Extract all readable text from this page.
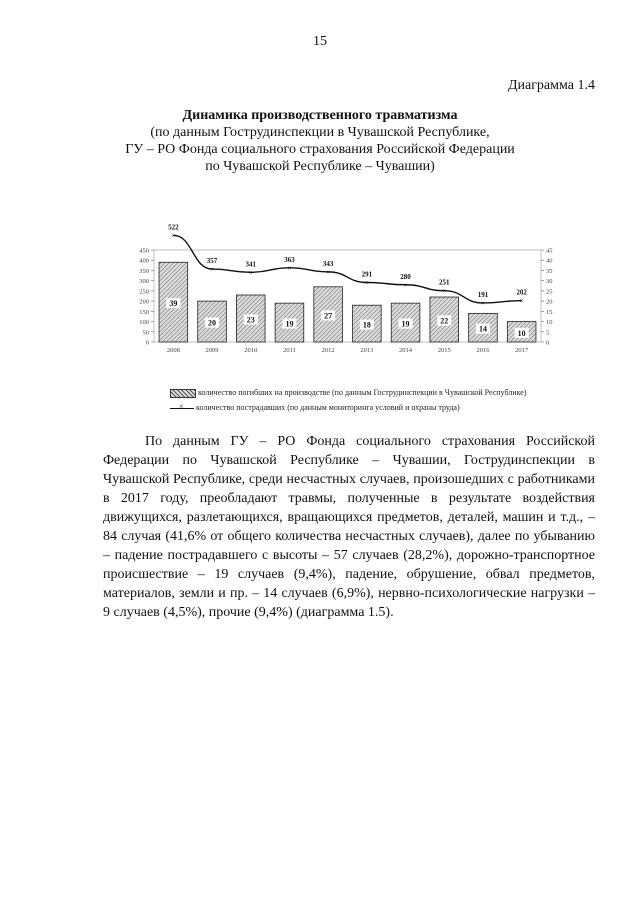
15
Диаграмма 1.4
Динамика производственного травматизма
(по данным Гострудинспекции в Чувашской Республике,
ГУ – РО Фонда социального страхования Российской Федерации
по Чувашской Республике – Чувашии)
0
50
100
150
200
250
300
350
400
450
0
5
10
15
20
25
30
35
40
45
39
20	23	19
27
18	19	22
14	10
2008	2009	2010	2011	2012	2013	2014	2015	2016	2017
×
522
×
357
×
341
×
363
×
343
×
291
×
280
×
251
×
191
×
202
количество погибших на производстве (по данным Гострудинспекции в Чувашской Республике)
×количество пострадавших (по данным мониторинга условий и охраны труда)

По данным ГУ – РО Фонда социального страхования Российской Федерации по Чувашской Республике – Чувашии, Гострудинспекции в Чувашской Республике, среди несчастных случаев, произошедших с работниками в 2017 году, преобладают травмы, полученные в результате воздействия движущихся, разлетающихся, вращающихся предметов, деталей, машин и т.д., – 84 случая (41,6% от общего количества несчастных случаев), далее по убыванию – падение пострадавшего с высоты – 57 случаев (28,2%), дорожно-транспортное происшествие – 19 случаев (9,4%), падение, обрушение, обвал предметов, материалов, земли и пр. – 14 случаев (6,9%), нервно-психологические нагрузки – 9 случаев (4,5%), прочие (9,4%) (диаграмма 1.5).
